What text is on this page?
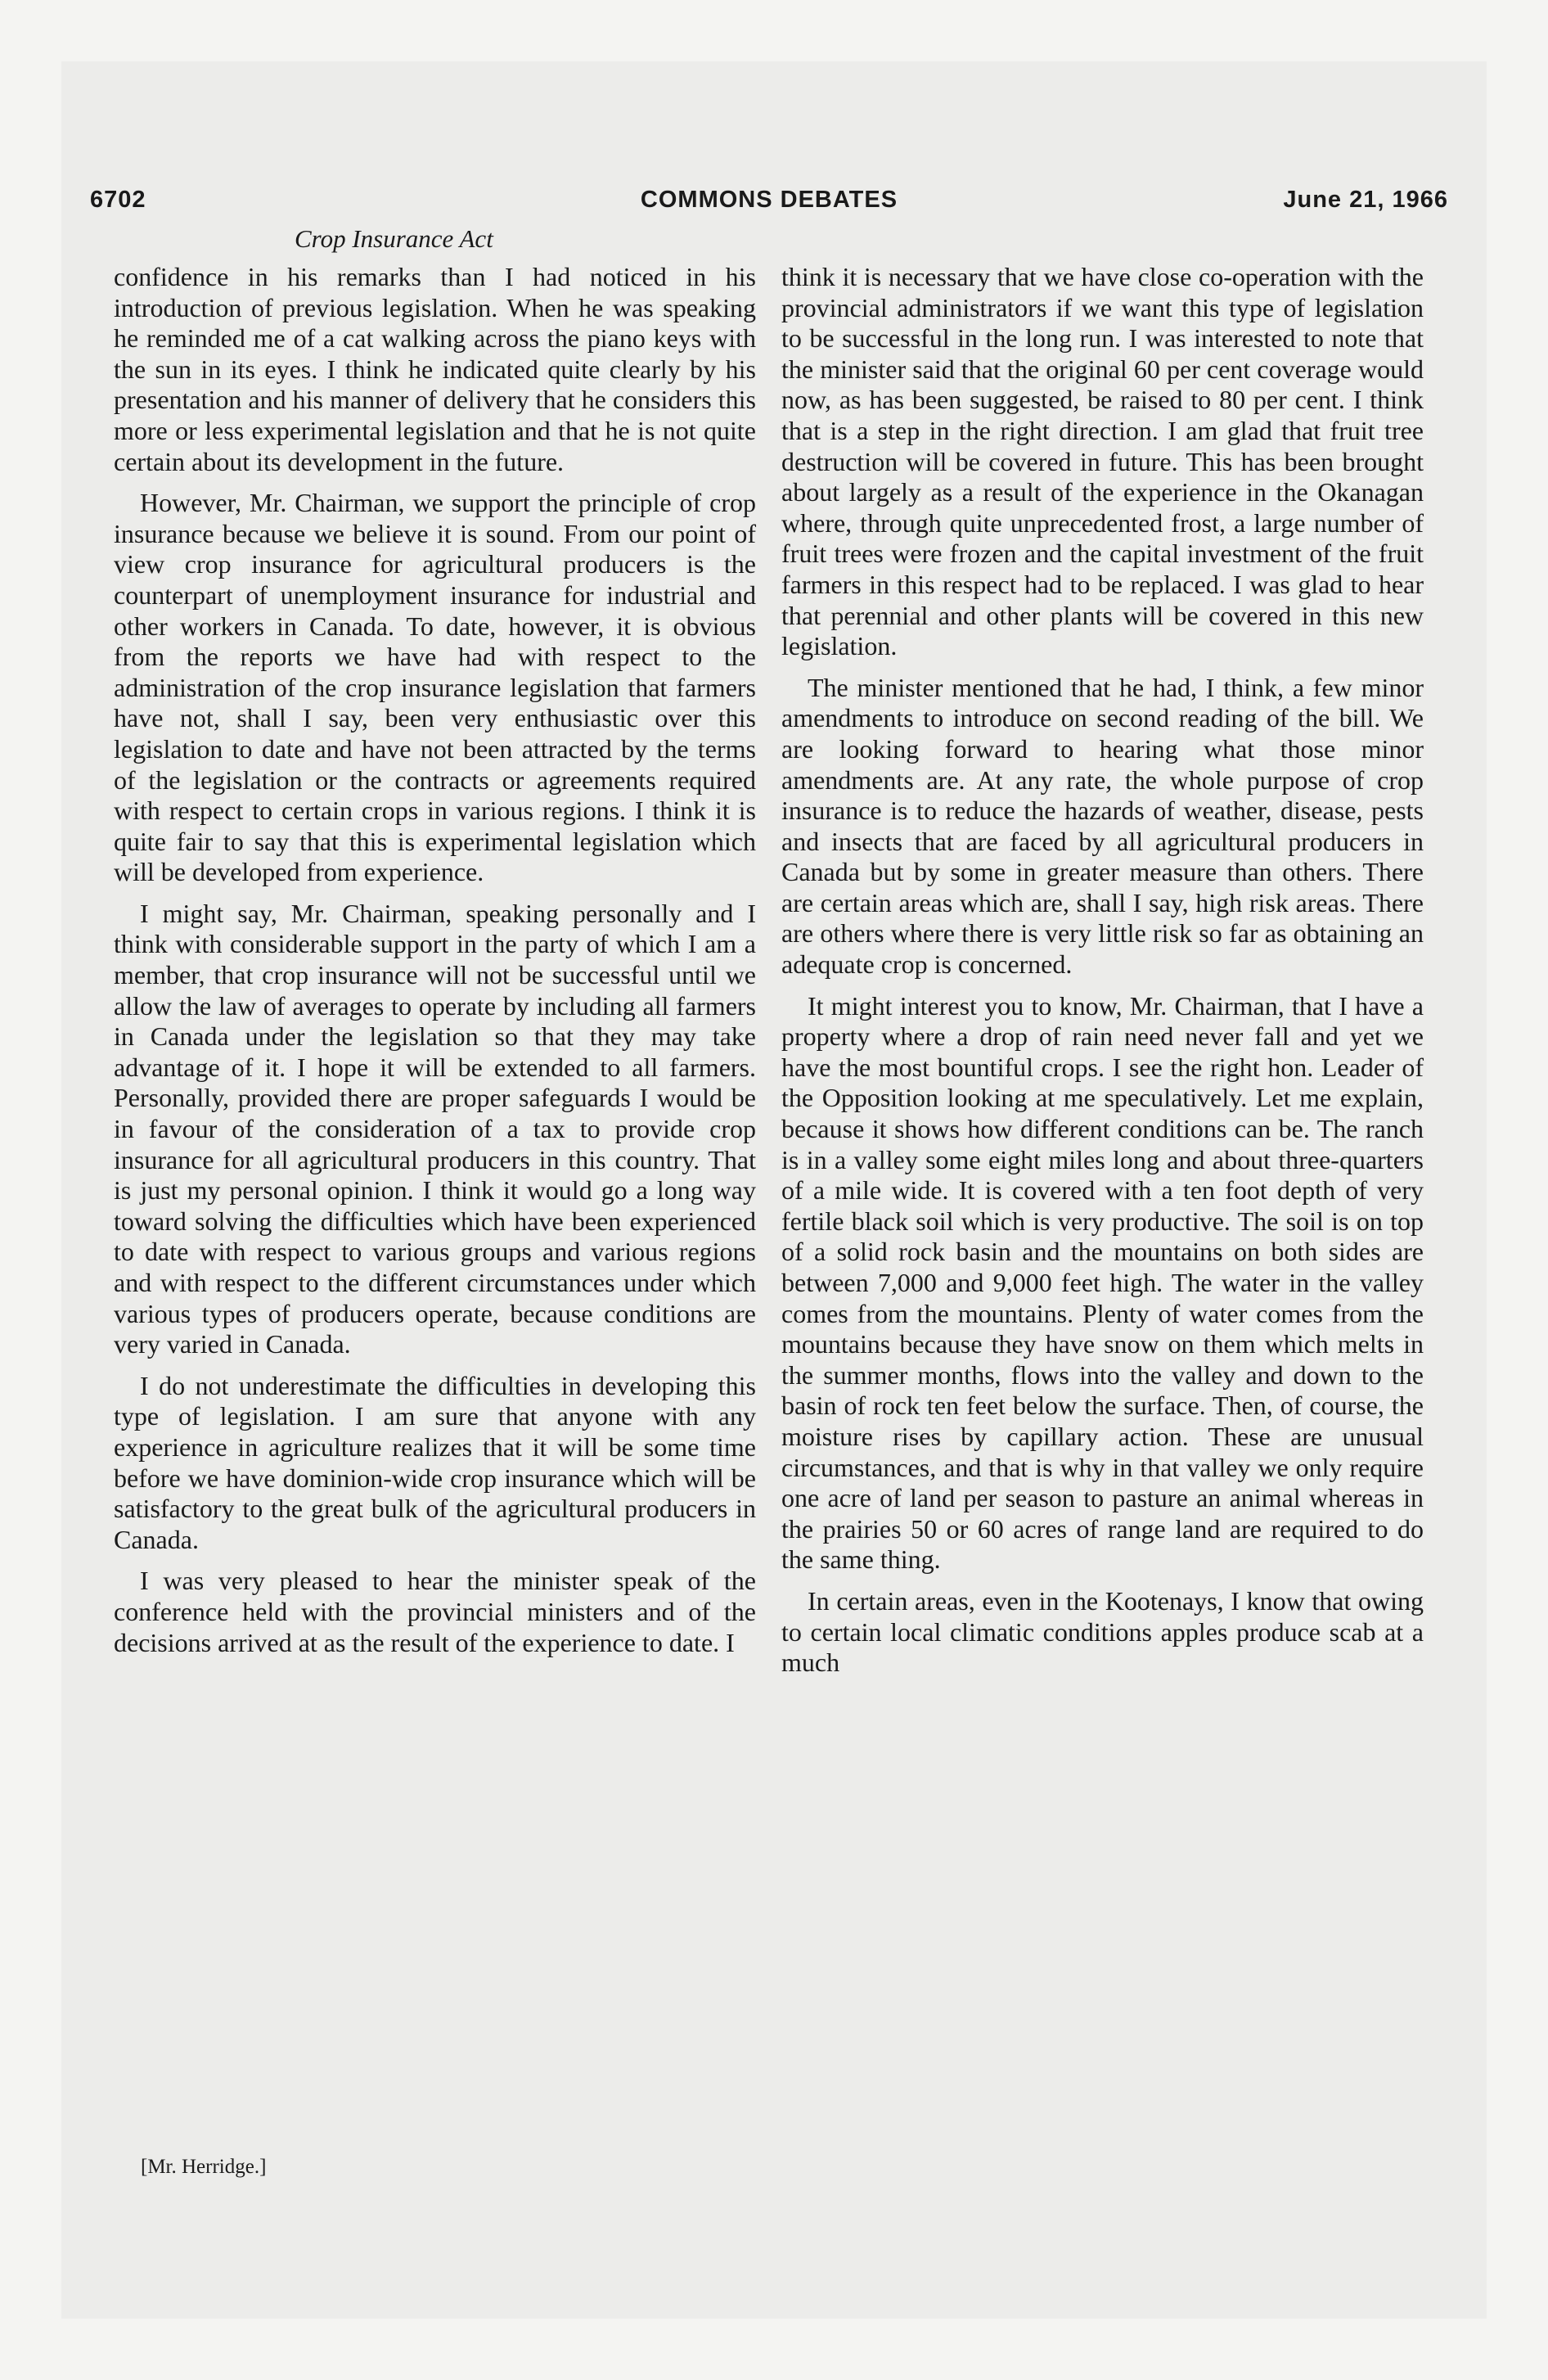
6702	COMMONS DEBATES	June 21, 1966
Crop Insurance Act

confidence in his remarks than I had noticed in his introduction of previous legislation. When he was speaking he reminded me of a cat walking across the piano keys with the sun in its eyes. I think he indicated quite clearly by his presentation and his manner of delivery that he considers this more or less experimental legislation and that he is not quite certain about its development in the future.

However, Mr. Chairman, we support the principle of crop insurance because we believe it is sound. From our point of view crop insurance for agricultural producers is the counterpart of unemployment insurance for industrial and other workers in Canada. To date, however, it is obvious from the reports we have had with respect to the administration of the crop insurance legislation that farmers have not, shall I say, been very enthusiastic over this legislation to date and have not been attracted by the terms of the legislation or the contracts or agreements required with respect to certain crops in various regions. I think it is quite fair to say that this is experimental legislation which will be developed from experience.

I might say, Mr. Chairman, speaking personally and I think with considerable support in the party of which I am a member, that crop insurance will not be successful until we allow the law of averages to operate by including all farmers in Canada under the legislation so that they may take advantage of it. I hope it will be extended to all farmers. Personally, provided there are proper safeguards I would be in favour of the consideration of a tax to provide crop insurance for all agricultural producers in this country. That is just my personal opinion. I think it would go a long way toward solving the difficulties which have been experienced to date with respect to various groups and various regions and with respect to the different circumstances under which various types of producers operate, because conditions are very varied in Canada.

I do not underestimate the difficulties in developing this type of legislation. I am sure that anyone with any experience in agriculture realizes that it will be some time before we have dominion-wide crop insurance which will be satisfactory to the great bulk of the agricultural producers in Canada.

I was very pleased to hear the minister speak of the conference held with the provincial ministers and of the decisions arrived at as the result of the experience to date. I

think it is necessary that we have close co-operation with the provincial administrators if we want this type of legislation to be successful in the long run. I was interested to note that the minister said that the original 60 per cent coverage would now, as has been suggested, be raised to 80 per cent. I think that is a step in the right direction. I am glad that fruit tree destruction will be covered in future. This has been brought about largely as a result of the experience in the Okanagan where, through quite unprecedented frost, a large number of fruit trees were frozen and the capital investment of the fruit farmers in this respect had to be replaced. I was glad to hear that perennial and other plants will be covered in this new legislation.

The minister mentioned that he had, I think, a few minor amendments to introduce on second reading of the bill. We are looking forward to hearing what those minor amendments are. At any rate, the whole purpose of crop insurance is to reduce the hazards of weather, disease, pests and insects that are faced by all agricultural producers in Canada but by some in greater measure than others. There are certain areas which are, shall I say, high risk areas. There are others where there is very little risk so far as obtaining an adequate crop is concerned.

It might interest you to know, Mr. Chairman, that I have a property where a drop of rain need never fall and yet we have the most bountiful crops. I see the right hon. Leader of the Opposition looking at me speculatively. Let me explain, because it shows how different conditions can be. The ranch is in a valley some eight miles long and about three-quarters of a mile wide. It is covered with a ten foot depth of very fertile black soil which is very productive. The soil is on top of a solid rock basin and the mountains on both sides are between 7,000 and 9,000 feet high. The water in the valley comes from the mountains. Plenty of water comes from the mountains because they have snow on them which melts in the summer months, flows into the valley and down to the basin of rock ten feet below the surface. Then, of course, the moisture rises by capillary action. These are unusual circumstances, and that is why in that valley we only require one acre of land per season to pasture an animal whereas in the prairies 50 or 60 acres of range land are required to do the same thing.

In certain areas, even in the Kootenays, I know that owing to certain local climatic conditions apples produce scab at a much

[Mr. Herridge.]
